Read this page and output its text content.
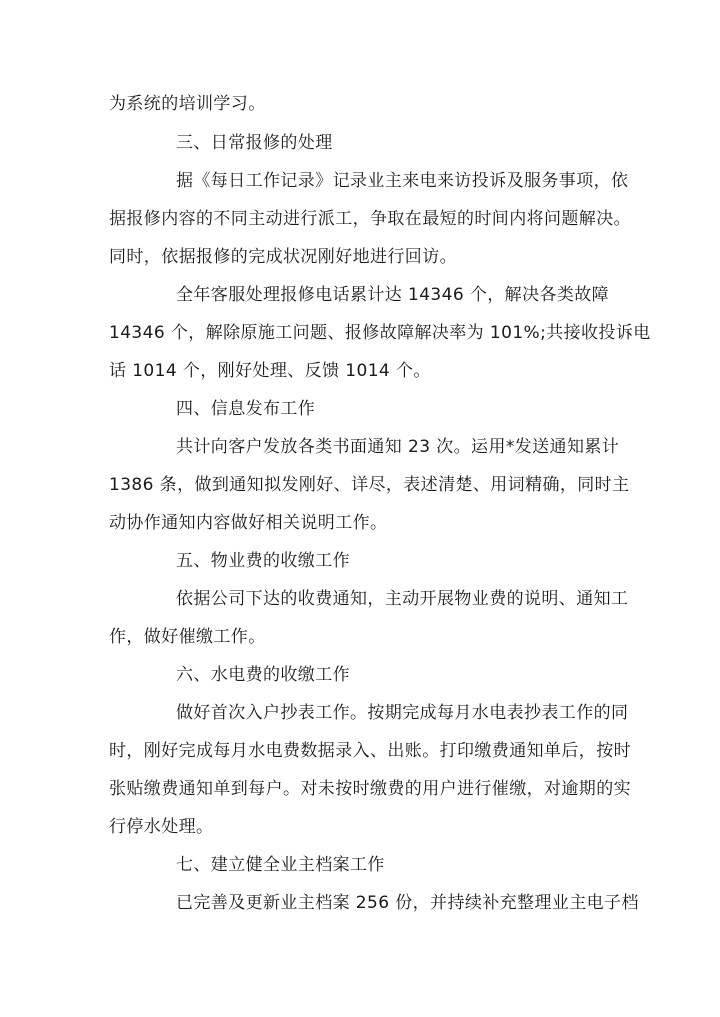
为系统的培训学习。
三、日常报修的处理
据《每日工作记录》记录业主来电来访投诉及服务事项，依
据报修内容的不同主动进行派工，争取在最短的时间内将问题解决。
同时，依据报修的完成状况刚好地进行回访。
全年客服处理报修电话累计达 14346 个，解决各类故障
14346 个，解除原施工问题、报修故障解决率为 101%;共接收投诉电
话 1014 个，刚好处理、反馈 1014 个。
四、信息发布工作
共计向客户发放各类书面通知 23 次。运用*发送通知累计
1386 条，做到通知拟发刚好、详尽，表述清楚、用词精确，同时主
动协作通知内容做好相关说明工作。
五、物业费的收缴工作
依据公司下达的收费通知，主动开展物业费的说明、通知工
作，做好催缴工作。
六、水电费的收缴工作
做好首次入户抄表工作。按期完成每月水电表抄表工作的同
时，刚好完成每月水电费数据录入、出账。打印缴费通知单后，按时
张贴缴费通知单到每户。对未按时缴费的用户进行催缴，对逾期的实
行停水处理。
七、建立健全业主档案工作
已完善及更新业主档案 256 份，并持续补充整理业主电子档
